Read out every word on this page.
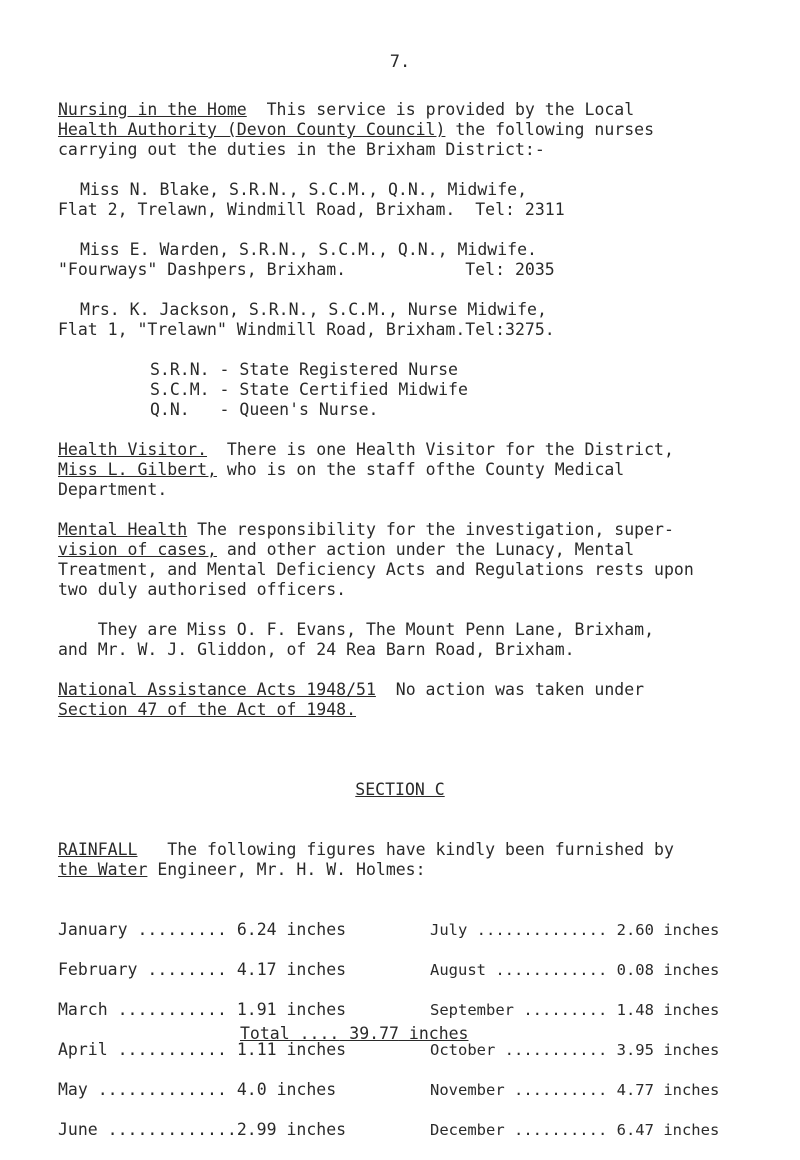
7.
Nursing in the Home This service is provided by the Local
Health Authority (Devon County Council) the following nurses
carrying out the duties in the Brixham District:-
Miss N. Blake, S.R.N., S.C.M., Q.N., Midwife,
Flat 2, Trelawn, Windmill Road, Brixham.  Tel: 2311
Miss E. Warden, S.R.N., S.C.M., Q.N., Midwife.
"Fourways" Dashpers, Brixham.            Tel: 2035
Mrs. K. Jackson, S.R.N., S.C.M., Nurse Midwife,
Flat 1, "Trelawn" Windmill Road, Brixham.Tel:3275.
S.R.N. - State Registered Nurse
S.C.M. - State Certified Midwife
Q.N.   - Queen's Nurse.
Health Visitor.  There is one Health Visitor for the District,
Miss L. Gilbert, who is on the staff ofthe County Medical
Department.
Mental Health The responsibility for the investigation, super-
vision of cases, and other action under the Lunacy, Mental
Treatment, and Mental Deficiency Acts and Regulations rests upon
two duly authorised officers.
They are Miss O. F. Evans, The Mount Penn Lane, Brixham,
and Mr. W. J. Gliddon, of 24 Rea Barn Road, Brixham.
National Assistance Acts 1948/51  No action was taken under
Section 47 of the Act of 1948.
SECTION C
RAINFALL   The following figures have kindly been furnished by
the Water Engineer, Mr. H. W. Holmes:

January ......... 6.24 inches

February ........ 4.17 inches

March ........... 1.91 inches

April ........... 1.11 inches

May ............. 4.0 inches

June .............2.99 inches

July .............. 2.60 inches

August ............ 0.08 inches

September ......... 1.48 inches

October ........... 3.95 inches

November .......... 4.77 inches

December .......... 6.47 inches

Total .... 39.77 inches
